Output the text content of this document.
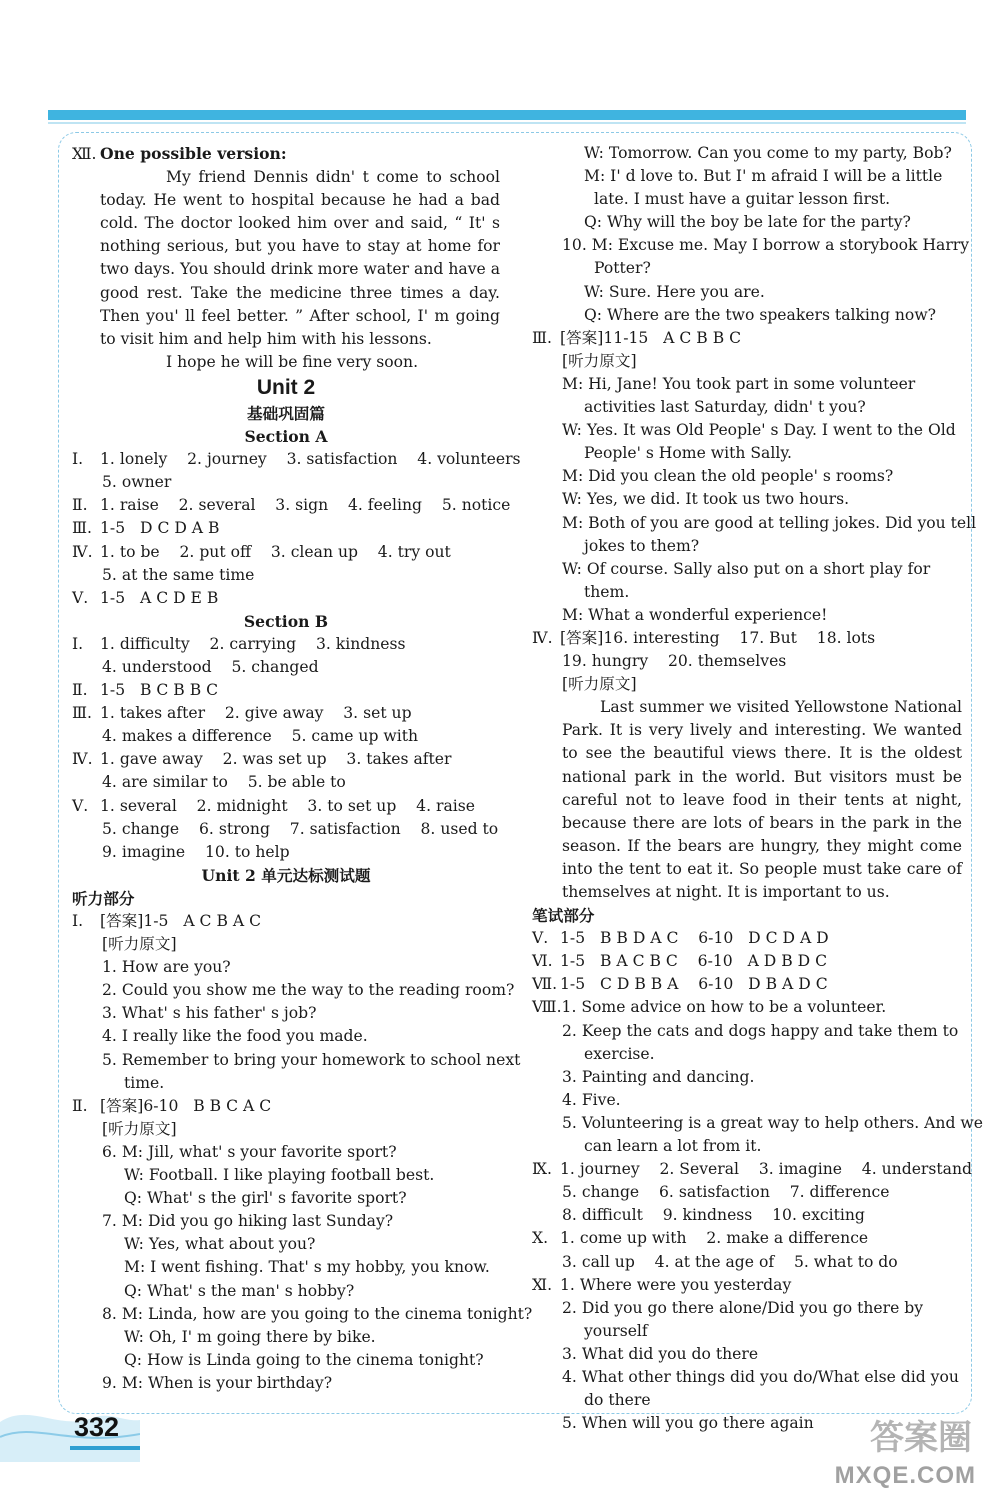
Ⅻ. One possible version:
My friend Dennis didn' t come to school today. He went to hospital because he had a bad cold. The doctor looked him over and said, “ It' s nothing serious, but you have to stay at home for two days. You should drink more water and have a good rest. Take the medicine three times a day. Then you' ll feel better. ” After school, I' m going to visit him and help him with his lessons.
I hope he will be fine very soon.
Unit 2
基础巩固篇
Section A
Ⅰ. 1. lonely    2. journey    3. satisfaction    4. volunteers
5. owner
Ⅱ. 1. raise    2. several    3. sign    4. feeling    5. notice
Ⅲ. 1-5   D C D A B
Ⅳ. 1. to be    2. put off    3. clean up    4. try out
5. at the same time
Ⅴ. 1-5   A C D E B
Section B
Ⅰ. 1. difficulty    2. carrying    3. kindness
4. understood    5. changed
Ⅱ. 1-5   B C B B C
Ⅲ. 1. takes after    2. give away    3. set up
4. makes a difference    5. came up with
Ⅳ. 1. gave away    2. was set up    3. takes after
4. are similar to    5. be able to
Ⅴ. 1. several    2. midnight    3. to set up    4. raise
5. change    6. strong    7. satisfaction    8. used to
9. imagine    10. to help
Unit 2 单元达标测试题
听力部分
Ⅰ. [答案]1-5   A C B A C
[听力原文]
1. How are you?
2. Could you show me the way to the reading room?
3. What' s his father' s job?
4. I really like the food you made.
5. Remember to bring your homework to school next
time.
Ⅱ. [答案]6-10   B B C A C
[听力原文]
6. M: Jill, what' s your favorite sport?
W: Football. I like playing football best.
Q: What' s the girl' s favorite sport?
7. M: Did you go hiking last Sunday?
W: Yes, what about you?
M: I went fishing. That' s my hobby, you know.
Q: What' s the man' s hobby?
8. M: Linda, how are you going to the cinema tonight?
W: Oh, I' m going there by bike.
Q: How is Linda going to the cinema tonight?
9. M: When is your birthday?
W: Tomorrow. Can you come to my party, Bob?
M: I' d love to. But I' m afraid I will be a little
late. I must have a guitar lesson first.
Q: Why will the boy be late for the party?
10. M: Excuse me. May I borrow a storybook Harry
Potter?
W: Sure. Here you are.
Q: Where are the two speakers talking now?
Ⅲ. [答案]11-15   A C B B C
[听力原文]
M: Hi, Jane! You took part in some volunteer
activities last Saturday, didn' t you?
W: Yes. It was Old People' s Day. I went to the Old
People' s Home with Sally.
M: Did you clean the old people' s rooms?
W: Yes, we did. It took us two hours.
M: Both of you are good at telling jokes. Did you tell
jokes to them?
W: Of course. Sally also put on a short play for
them.
M: What a wonderful experience!
Ⅳ. [答案]16. interesting    17. But    18. lots
19. hungry    20. themselves
[听力原文]
Last summer we visited Yellowstone National Park. It is very lively and interesting. We wanted to see the beautiful views there. It is the oldest national park in the world. But visitors must be careful not to leave food in their tents at night, because there are lots of bears in the park in the season. If the bears are hungry, they might come into the tent to eat it. So people must take care of themselves at night. It is important to us.
笔试部分
Ⅴ. 1-5   B B D A C    6-10   D C D A D
Ⅵ. 1-5   B A C B C    6-10   A D B D C
Ⅶ. 1-5   C D B B A    6-10   D B A D C
Ⅷ.1. Some advice on how to be a volunteer.
2. Keep the cats and dogs happy and take them to
exercise.
3. Painting and dancing.
4. Five.
5. Volunteering is a great way to help others. And we
can learn a lot from it.
Ⅸ. 1. journey    2. Several    3. imagine    4. understand
5. change    6. satisfaction    7. difference
8. difficult    9. kindness    10. exciting
Ⅹ. 1. come up with    2. make a difference
3. call up    4. at the age of    5. what to do
Ⅺ. 1. Where were you yesterday
2. Did you go there alone/Did you go there by
yourself
3. What did you do there
4. What other things did you do/What else did you
do there
5. When will you go there again
332	答案圈
MXQE.COM
